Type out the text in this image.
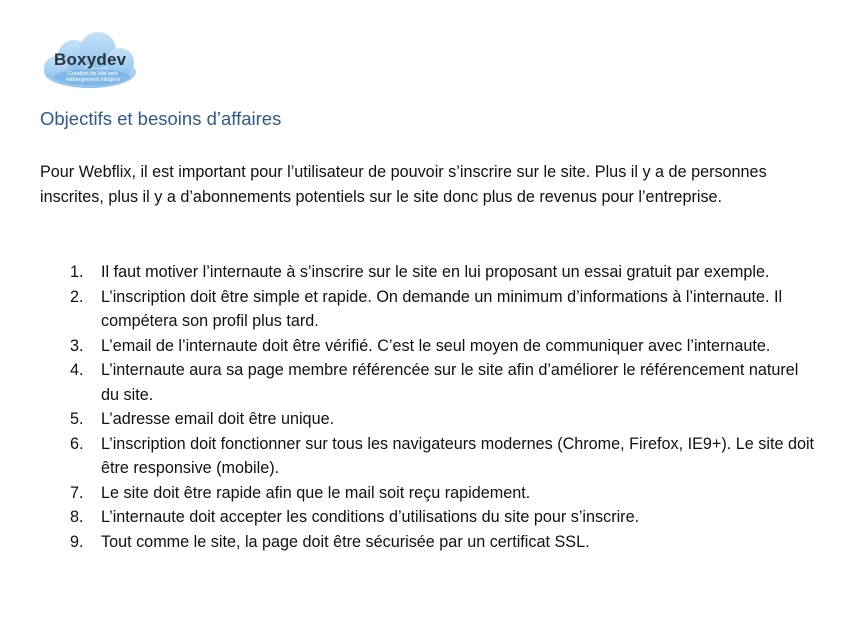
Boxydev
Création de site web Hébergement infogéré
Objectifs et besoins d’affaires

Pour Webflix, il est important pour l’utilisateur de pouvoir s’inscrire sur le site. Plus il y a de personnes inscrites, plus il y a d’abonnements potentiels sur le site donc plus de revenus pour l’entreprise.

1. Il faut motiver l’internaute à s’inscrire sur le site en lui proposant un essai gratuit par exemple.
2. L’inscription doit être simple et rapide. On demande un minimum d’informations à l’internaute. Il compétera son profil plus tard.
3. L’email de l’internaute doit être vérifié. C’est le seul moyen de communiquer avec l’internaute.
4. L’internaute aura sa page membre référencée sur le site afin d’améliorer le référencement naturel du site.
5. L’adresse email doit être unique.
6. L’inscription doit fonctionner sur tous les navigateurs modernes (Chrome, Firefox, IE9+). Le site doit être responsive (mobile).
7. Le site doit être rapide afin que le mail soit reçu rapidement.
8. L’internaute doit accepter les conditions d’utilisations du site pour s’inscrire.
9. Tout comme le site, la page doit être sécurisée par un certificat SSL.
